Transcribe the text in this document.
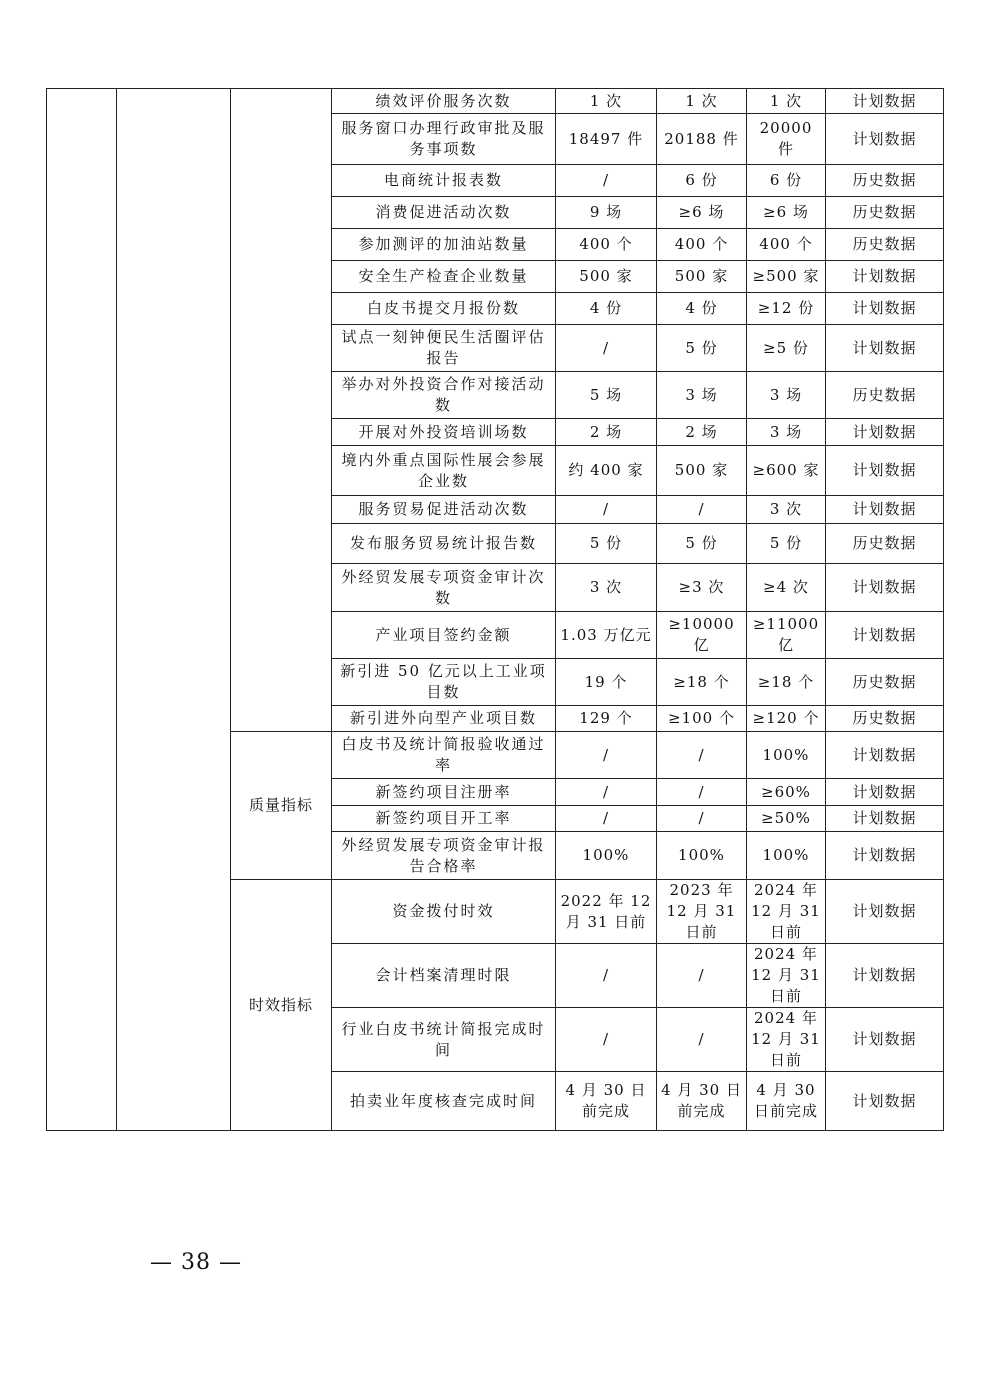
			绩效评价服务次数	1 次	1 次	1 次	计划数据
			服务窗口办理行政审批及服务事项数	18497 件	20188 件	20000 件	计划数据
			电商统计报表数	/	6 份	6 份	历史数据
			消费促进活动次数	9 场	≥6 场	≥6 场	历史数据
			参加测评的加油站数量	400 个	400 个	400 个	历史数据
			安全生产检查企业数量	500 家	500 家	≥500 家	计划数据
			白皮书提交月报份数	4 份	4 份	≥12 份	计划数据
			试点一刻钟便民生活圈评估报告	/	5 份	≥5 份	计划数据
			举办对外投资合作对接活动数	5 场	3 场	3 场	历史数据
			开展对外投资培训场数	2 场	2 场	3 场	计划数据
			境内外重点国际性展会参展企业数	约 400 家	500 家	≥600 家	计划数据
			服务贸易促进活动次数	/	/	3 次	计划数据
			发布服务贸易统计报告数	5 份	5 份	5 份	历史数据
			外经贸发展专项资金审计次数	3 次	≥3 次	≥4 次	计划数据
			产业项目签约金额	1.03 万亿元	≥10000 亿	≥11000 亿	计划数据
			新引进 50 亿元以上工业项目数	19 个	≥18 个	≥18 个	历史数据
			新引进外向型产业项目数	129 个	≥100 个	≥120 个	历史数据
		质量指标	白皮书及统计简报验收通过率	/	/	100%	计划数据
			新签约项目注册率	/	/	≥60%	计划数据
			新签约项目开工率	/	/	≥50%	计划数据
			外经贸发展专项资金审计报告合格率	100%	100%	100%	计划数据
		时效指标	资金拨付时效	2022 年 12 月 31 日前	2023 年 12 月 31 日前	2024 年 12 月 31 日前	计划数据
			会计档案清理时限	/	/	2024 年 12 月 31 日前	计划数据
			行业白皮书统计简报完成时间	/	/	2024 年 12 月 31 日前	计划数据
			拍卖业年度核查完成时间	4 月 30 日前完成	4 月 30 日前完成	4 月 30 日前完成	计划数据
— 38 —
